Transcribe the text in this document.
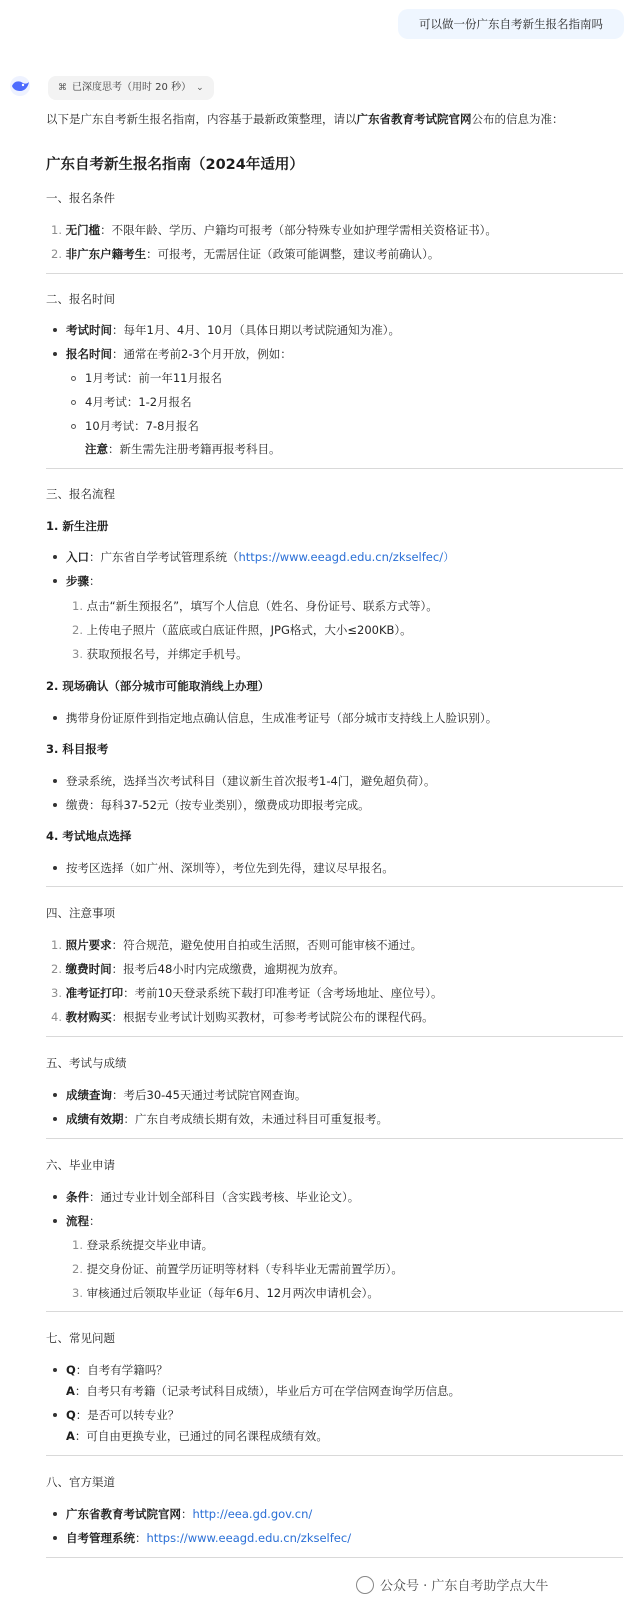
可以做一份广东自考新生报名指南吗
⌘ 已深度思考（用时 20 秒） ⌄
以下是广东自考新生报名指南，内容基于最新政策整理，请以广东省教育考试院官网公布的信息为准：
广东自考新生报名指南（2024年适用）
一、报名条件
1. 无门槛：不限年龄、学历、户籍均可报考（部分特殊专业如护理学需相关资格证书）。
2. 非广东户籍考生：可报考，无需居住证（政策可能调整，建议考前确认）。
二、报名时间
考试时间：每年1月、4月、10月（具体日期以考试院通知为准）。
报名时间：通常在考前2-3个月开放，例如：
1月考试：前一年11月报名
4月考试：1-2月报名
10月考试：7-8月报名
注意：新生需先注册考籍再报考科目。
三、报名流程
1. 新生注册
入口：广东省自学考试管理系统（https://www.eeagd.edu.cn/zkselfec/）
步骤：
1. 点击“新生预报名”，填写个人信息（姓名、身份证号、联系方式等）。
2. 上传电子照片（蓝底或白底证件照，JPG格式，大小≤200KB）。
3. 获取预报名号，并绑定手机号。
2. 现场确认（部分城市可能取消线上办理）
携带身份证原件到指定地点确认信息，生成准考证号（部分城市支持线上人脸识别）。
3. 科目报考
登录系统，选择当次考试科目（建议新生首次报考1-4门，避免超负荷）。
缴费：每科37-52元（按专业类别），缴费成功即报考完成。
4. 考试地点选择
按考区选择（如广州、深圳等），考位先到先得，建议尽早报名。
四、注意事项
1. 照片要求：符合规范，避免使用自拍或生活照，否则可能审核不通过。
2. 缴费时间：报考后48小时内完成缴费，逾期视为放弃。
3. 准考证打印：考前10天登录系统下载打印准考证（含考场地址、座位号）。
4. 教材购买：根据专业考试计划购买教材，可参考考试院公布的课程代码。
五、考试与成绩
成绩查询：考后30-45天通过考试院官网查询。
成绩有效期：广东自考成绩长期有效，未通过科目可重复报考。
六、毕业申请
条件：通过专业计划全部科目（含实践考核、毕业论文）。
流程：
1. 登录系统提交毕业申请。
2. 提交身份证、前置学历证明等材料（专科毕业无需前置学历）。
3. 审核通过后领取毕业证（每年6月、12月两次申请机会）。
七、常见问题
Q：自考有学籍吗？
A：自考只有考籍（记录考试科目成绩），毕业后方可在学信网查询学历信息。
Q：是否可以转专业？
A：可自由更换专业，已通过的同名课程成绩有效。
八、官方渠道
广东省教育考试院官网：http://eea.gd.gov.cn/
自考管理系统：https://www.eeagd.edu.cn/zkselfec/
公众号 · 广东自考助学点大牛
